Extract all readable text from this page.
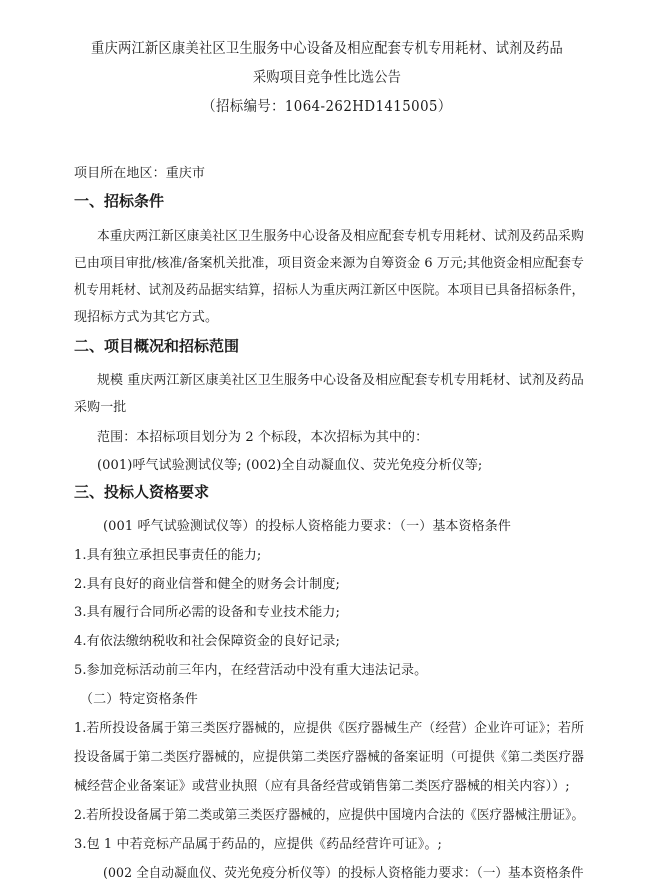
重庆两江新区康美社区卫生服务中心设备及相应配套专机专用耗材、试剂及药品
采购项目竞争性比选公告
（招标编号：1064-262HD1415005）
项目所在地区：重庆市
一、招标条件
本重庆两江新区康美社区卫生服务中心设备及相应配套专机专用耗材、试剂及药品采购
已由项目审批/核准/备案机关批准，项目资金来源为自筹资金 6 万元;其他资金相应配套专
机专用耗材、试剂及药品据实结算，招标人为重庆两江新区中医院。本项目已具备招标条件，
现招标方式为其它方式。
二、项目概况和招标范围
规模 重庆两江新区康美社区卫生服务中心设备及相应配套专机专用耗材、试剂及药品
采购一批
范围：本招标项目划分为 2 个标段，本次招标为其中的：
(001)呼气试验测试仪等; (002)全自动凝血仪、荧光免疫分析仪等;
三、投标人资格要求
(001 呼气试验测试仪等）的投标人资格能力要求：（一）基本资格条件
1.具有独立承担民事责任的能力;
2.具有良好的商业信誉和健全的财务会计制度;
3.具有履行合同所必需的设备和专业技术能力;
4.有依法缴纳税收和社会保障资金的良好记录;
5.参加竞标活动前三年内，在经营活动中没有重大违法记录。
（二）特定资格条件
1.若所投设备属于第三类医疗器械的，应提供《医疗器械生产（经营）企业许可证》；若所
投设备属于第二类医疗器械的，应提供第二类医疗器械的备案证明（可提供《第二类医疗器
械经营企业备案证》或营业执照（应有具备经营或销售第二类医疗器械的相关内容））;
2.若所投设备属于第二类或第三类医疗器械的，应提供中国境内合法的《医疗器械注册证》。
3.包 1 中若竞标产品属于药品的，应提供《药品经营许可证》。;
(002 全自动凝血仪、荧光免疫分析仪等）的投标人资格能力要求：（一）基本资格条件
